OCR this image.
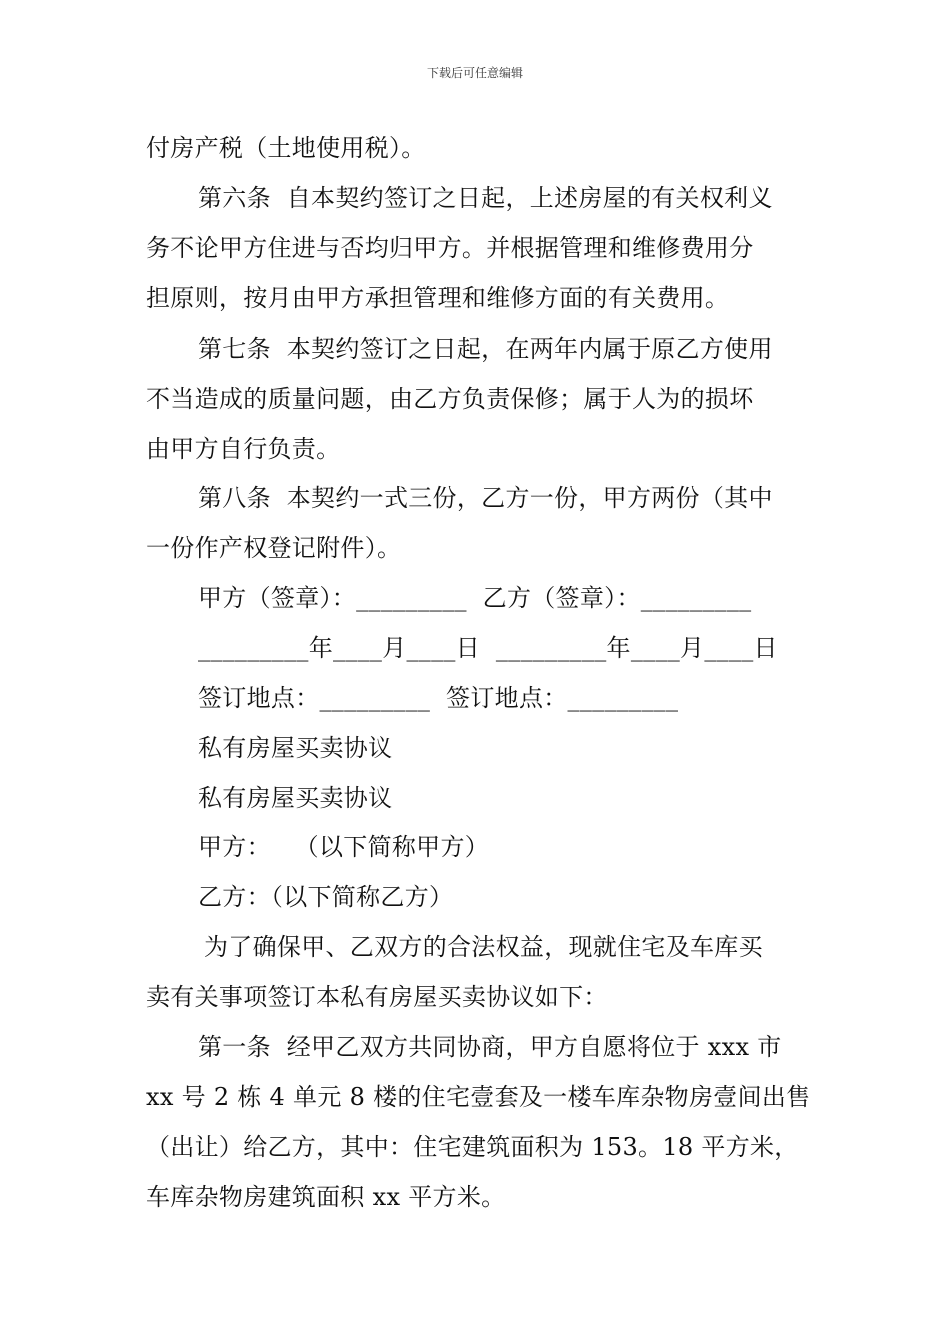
下载后可任意编辑
付房产税（土地使用税）。
第六条  自本契约签订之日起，上述房屋的有关权利义
务不论甲方住进与否均归甲方。并根据管理和维修费用分
担原则，按月由甲方承担管理和维修方面的有关费用。
第七条  本契约签订之日起，在两年内属于原乙方使用
不当造成的质量问题，由乙方负责保修；属于人为的损坏
由甲方自行负责。
第八条  本契约一式三份，乙方一份，甲方两份（其中
一份作产权登记附件）。
甲方（签章）：_________  乙方（签章）：_________
_________年____月____日  _________年____月____日
签订地点：_________  签订地点：_________
私有房屋买卖协议
私有房屋买卖协议
甲方：   （以下简称甲方）
乙方：（以下简称乙方）
为了确保甲、乙双方的合法权益，现就住宅及车库买
卖有关事项签订本私有房屋买卖协议如下：
第一条  经甲乙双方共同协商，甲方自愿将位于 xxx 市
xx 号 2 栋 4 单元 8 楼的住宅壹套及一楼车库杂物房壹间出售
（出让）给乙方，其中：住宅建筑面积为 153。18 平方米，
车库杂物房建筑面积 xx 平方米。
